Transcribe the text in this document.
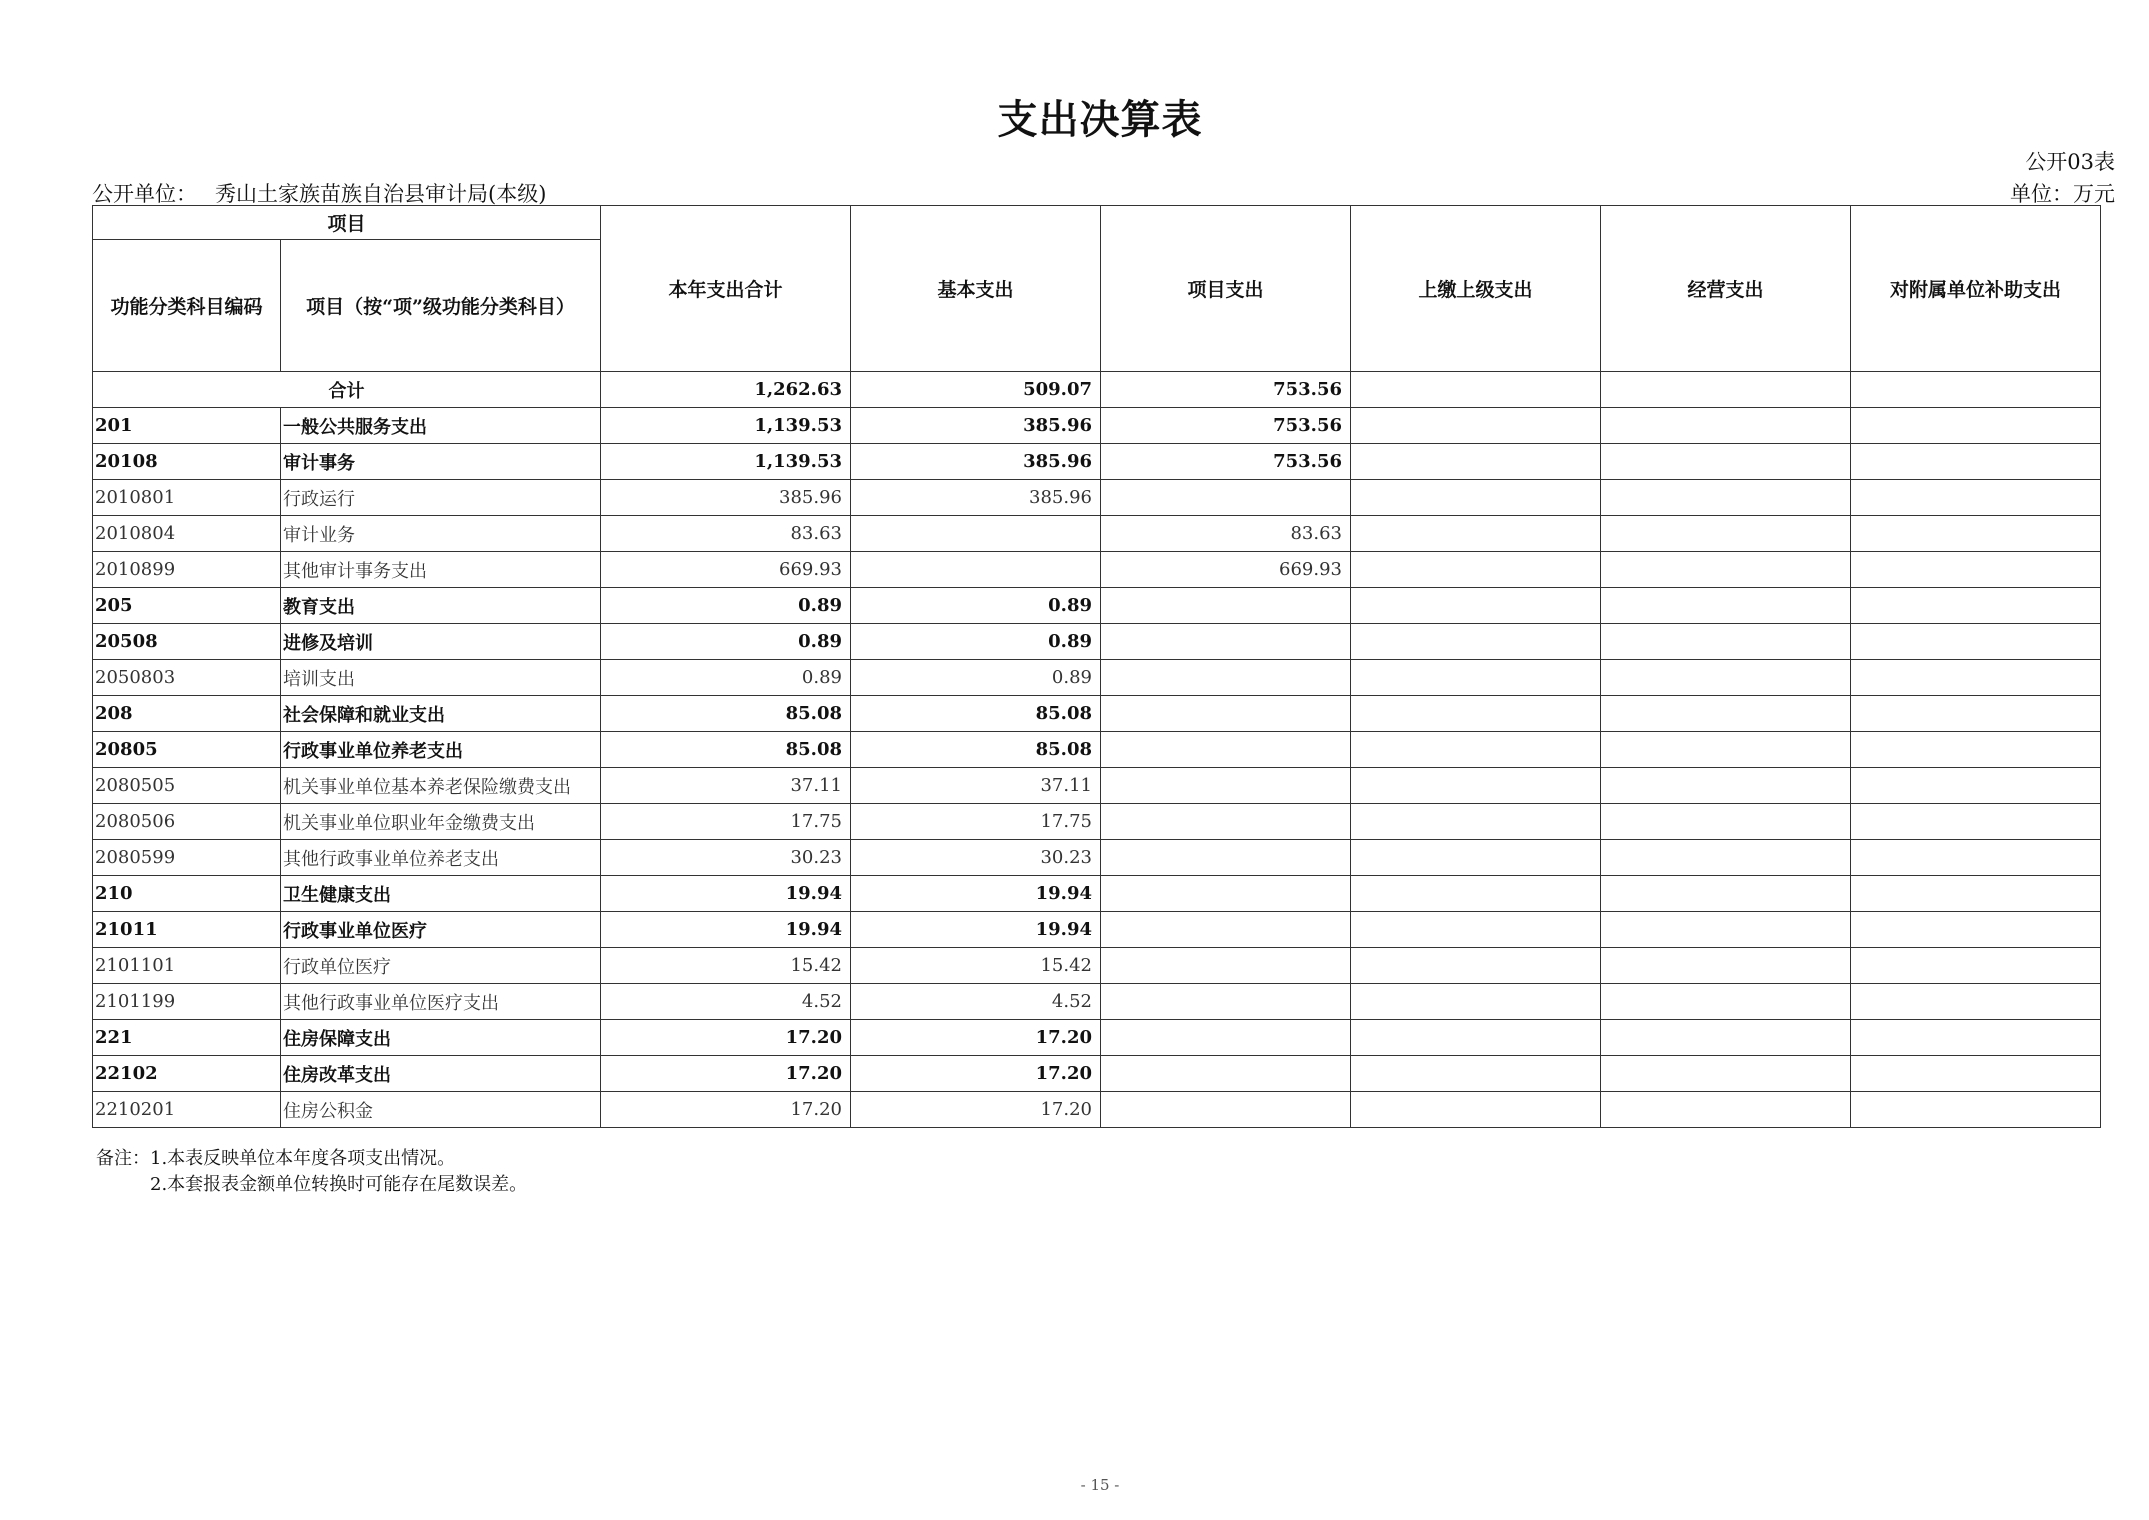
支出决算表
公开03表
公开单位： 秀山土家族苗族自治县审计局(本级)	单位：万元
项目		本年支出合计	基本支出	项目支出	上缴上级支出	经营支出	对附属单位补助支出
功能分类科目编码	项目（按“项”级功能分类科目）						
合计		1,262.63	509.07	753.56			
201	一般公共服务支出	1,139.53	385.96	753.56			
20108	审计事务	1,139.53	385.96	753.56			
2010801	行政运行	385.96	385.96				
2010804	审计业务	83.63		83.63			
2010899	其他审计事务支出	669.93		669.93			
205	教育支出	0.89	0.89				
20508	进修及培训	0.89	0.89				
2050803	培训支出	0.89	0.89				
208	社会保障和就业支出	85.08	85.08				
20805	行政事业单位养老支出	85.08	85.08				
2080505	机关事业单位基本养老保险缴费支出	37.11	37.11				
2080506	机关事业单位职业年金缴费支出	17.75	17.75				
2080599	其他行政事业单位养老支出	30.23	30.23				
210	卫生健康支出	19.94	19.94				
21011	行政事业单位医疗	19.94	19.94				
2101101	行政单位医疗	15.42	15.42				
2101199	其他行政事业单位医疗支出	4.52	4.52				
221	住房保障支出	17.20	17.20				
22102	住房改革支出	17.20	17.20				
2210201	住房公积金	17.20	17.20				
备注：1.本表反映单位本年度各项支出情况。
2.本套报表金额单位转换时可能存在尾数误差。
- 15 -
